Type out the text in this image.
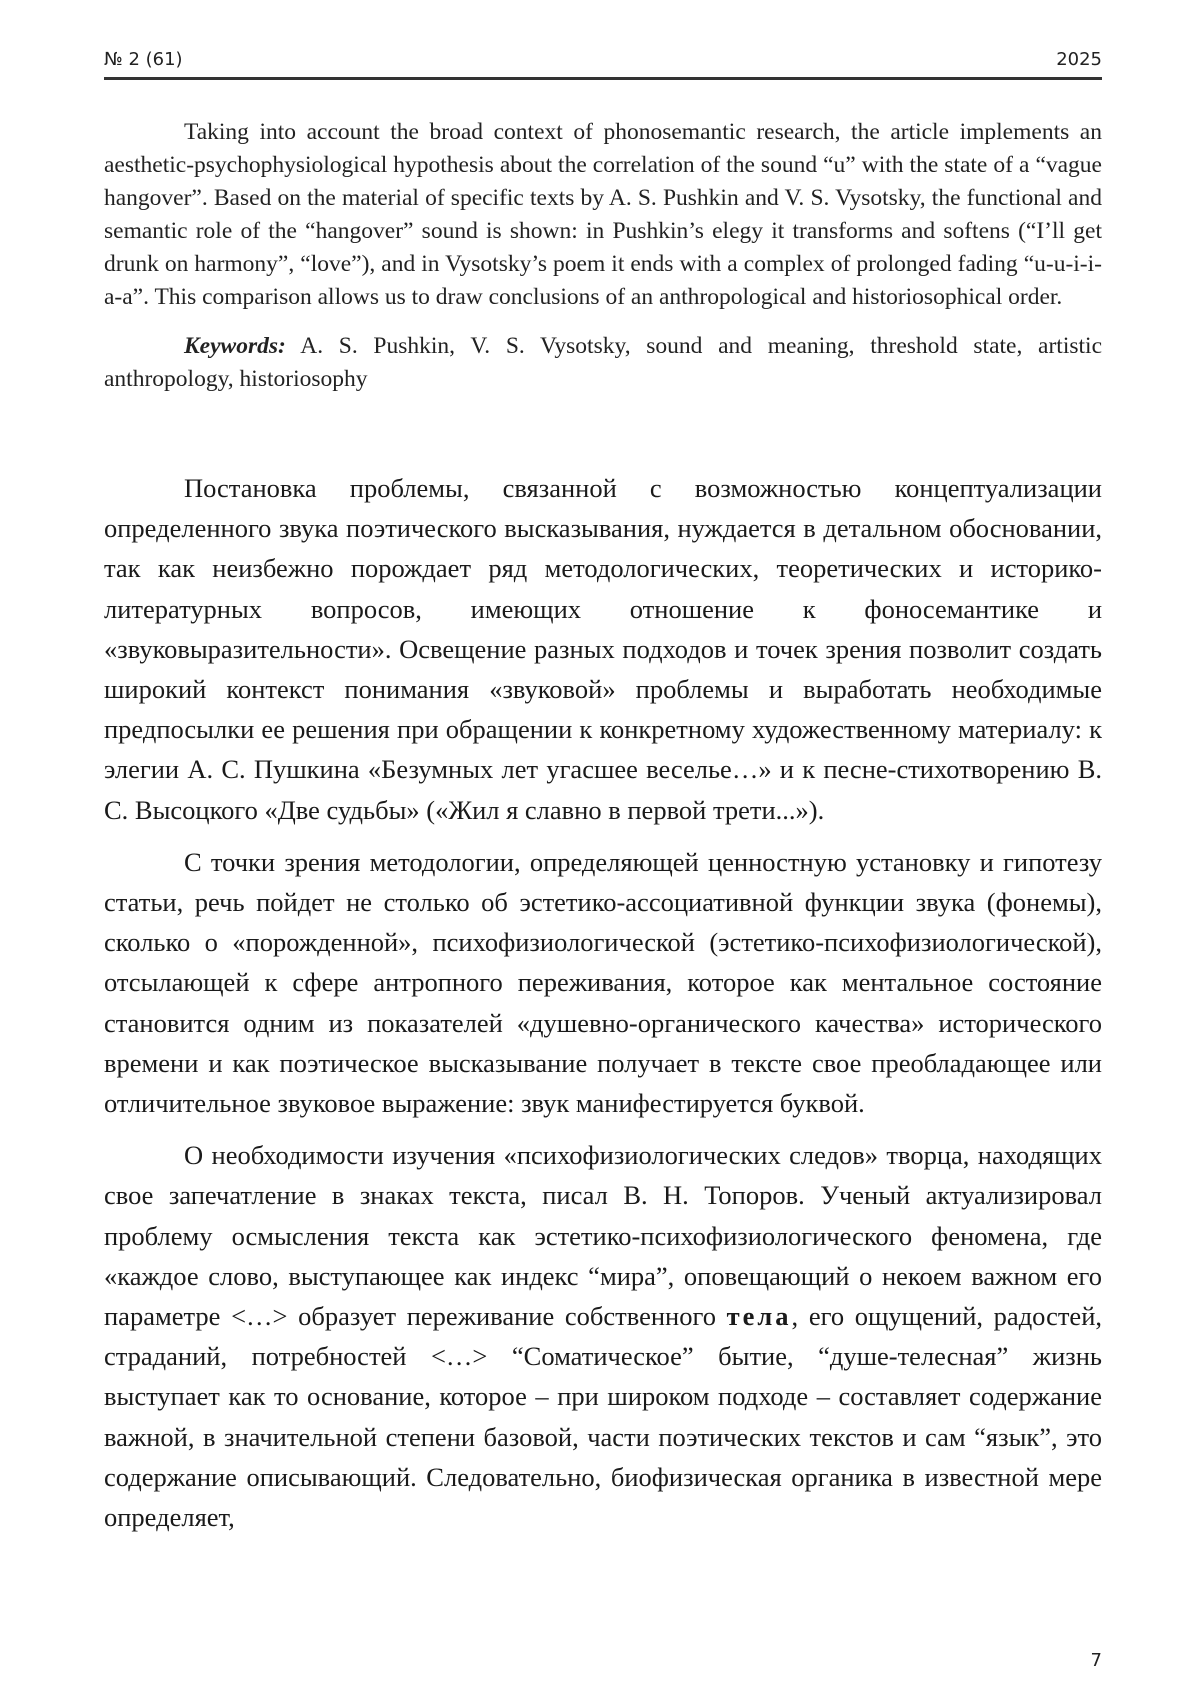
№ 2 (61)	2025

Taking into account the broad context of phonosemantic research, the article implements an aesthetic-psychophysiological hypothesis about the correlation of the sound “u” with the state of a “vague hangover”. Based on the material of specific texts by A. S. Pushkin and V. S. Vysotsky, the functional and semantic role of the “hangover” sound is shown: in Pushkin’s elegy it transforms and softens (“I’ll get drunk on harmony”, “love”), and in Vysotsky’s poem it ends with a complex of prolonged fading “u-u-i-i-a-a”. This comparison allows us to draw conclusions of an anthropological and historiosophical order.

Keywords: A. S. Pushkin, V. S. Vysotsky, sound and meaning, threshold state, artistic anthropology, historiosophy

Постановка проблемы, связанной с возможностью концептуализации определенного звука поэтического высказывания, нуждается в детальном обосновании, так как неизбежно порождает ряд методологических, теоретических и историко-литературных вопросов, имеющих отношение к фоносемантике и «звуковыразительности». Освещение разных подходов и точек зрения позволит создать широкий контекст понимания «звуковой» проблемы и выработать необходимые предпосылки ее решения при обращении к конкретному художественному материалу: к элегии А. С. Пушкина «Безумных лет угасшее веселье…» и к песне-стихотворению В. С. Высоцкого «Две судьбы» («Жил я славно в первой трети...»).

С точки зрения методологии, определяющей ценностную установку и гипотезу статьи, речь пойдет не столько об эстетико-ассоциативной функции звука (фонемы), сколько о «порожденной», психофизиологической (эстетико-психофизиологической), отсылающей к сфере антропного переживания, которое как ментальное состояние становится одним из показателей «душевно-органического качества» исторического времени и как поэтическое высказывание получает в тексте свое преобладающее или отличительное звуковое выражение: звук манифестируется буквой.

О необходимости изучения «психофизиологических следов» творца, находящих свое запечатление в знаках текста, писал В. Н. Топоров. Ученый актуализировал проблему осмысления текста как эстетико-психофизиологического феномена, где «каждое слово, выступающее как индекс “мира”, оповещающий о некоем важном его параметре <…> образует переживание собственного тела, его ощущений, радостей, страданий, потребностей <…> “Соматическое” бытие, “душе-телесная” жизнь выступает как то основание, которое – при широком подходе – составляет содержание важной, в значительной степени базовой, части поэтических текстов и сам “язык”, это содержание описывающий. Следовательно, биофизическая органика в известной мере определяет,

7
